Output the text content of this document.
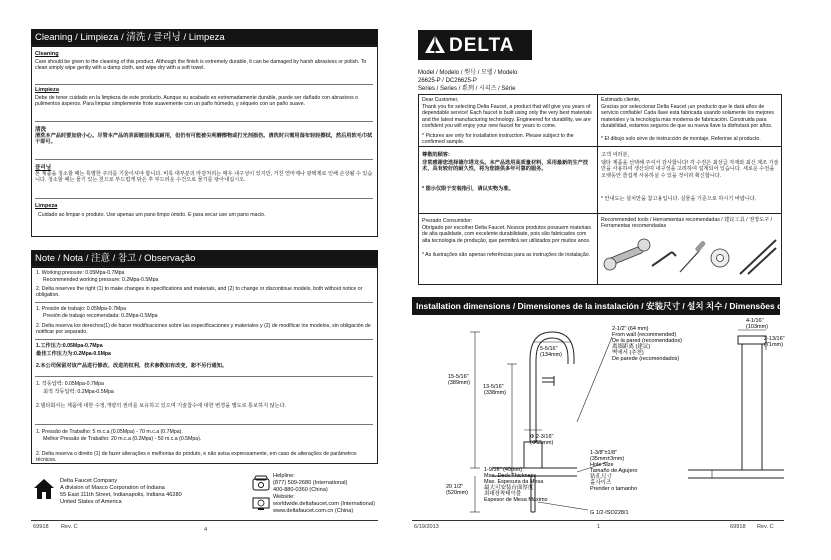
Cleaning / Limpieza / 清洗 / 클리닝 / Limpeza
Cleaning
Care should be given to the cleaning of this product. Although the finish is extremely durable, it can be damaged by harsh abrasives or polish. To clean simply wipe gently with a damp cloth, and wipe dry with a soft towel.
Limpieza
Debe de tener cuidado en la limpieza de este producto. Aunque su acabado es extremadamente durable, puede ser dañado con abrasivos o pulimentos ásperos. Para limpiar simplemente frote suavemente con un paño húmedo, y séquelo con un paño suave.
清洗
清洗本产品时要加倍小心。尽管本产品的表面镀层极其耐用，但仍有可能被尖利磨擦物或打光剂损伤。清洗时只需用湿布轻轻擦拭，然后用软毛巾拭干即可。
클리닝
본 제품을 청소할 때는 특별한 주의를 기울이셔야 합니다. 비록 대부분의 마감처리는 매우 내구성이 있지만, 거친 연마제나 광택제로 인해 손상될 수 있습니다. 청소할 때는 물기 있는 천으로 부드럽게 닦은 후 부드러운 수건으로 물기를 닦아내십시오.
Limpeza
Cuidado ao limpar o produto. Use apenas um pano limpo úmido. E para secar use um pano macio.
Note / Nota / 注意 / 참고 / Observação
1. Working pressure: 0.05Mpa-0.7Mpa
Recommended working pressure: 0.2Mpa-0.5Mpa
2. Delta reserves the right (1) to make changes in specifications and materials, and (2) to change or discontinue models, both without notice or obligation.
1. Presión de trabajo: 0.05Mpa-0.7Mpa
Presión de trabajo recomendada: 0.2Mpa-0.5Mpa
2. Delta reserva los derechos(1) de hacer modificaciones sobre las especificaciones y materiales y (2) de modificar los modelos, sin obligación de notificar por separado.
1.工作压力:0.05Mpa-0.7Mpa
最佳工作压力为:0.2Mpa-0.5Mpa
2.本公司保留对该产品进行修改、改进的权利，技术参数如有改变，恕不另行通知。
1. 작동압력: 0.05Mpa-0.7Mpa
최적 작동압력: 0.2Mpa-0.5Mpa
2.델타회사는 제품에 대한 수정,개량의 권리를 보유하고 있으며 기술참수에 대한 변경을 별도로 통보하지 않는다.
1. Pressão de Trabalho: 5 m.c.a (0.05Mpa) - 70 m.c.a (0.7Mpa).
Melhor Pressão de Trabalho: 20 m.c.a (0.2Mpa) - 50 m.c.a (0.5Mpa).
2. Delta reserva o direito (1) de fazer alterações e melhorias do produto, e não avisa expressamente, em caso de alterações de parâmetros técnicos.
Delta Faucet Company
A division of Masco Corporation of Indiana
55 East 111th Street, Indianapolis, Indiana 46280
United States of America
Helpline:
(877) 509-2680 (International)
400-880-0360 (China)
Website:
worldwide.deltafaucet.com (International)
www.deltafaucet.com.cn (China)
69918 Rev. C	4
DELTA
Model / Modelo / 型号 / 모델 / Modelo
26625-P / DC26625-P
Series / Series / 系列 / 시리즈 / Série
Dear Customer,
Thank you for selecting Delta Faucet, a product that will give you years of dependable service! Each faucet is built using only the very best materials and the latest manufacturing technology. Engineered for durability, we are confident you will enjoy your new faucet for years to come.
* Pictures are only for installation instruction. Please subject to the confirmed sample.
Estimado cliente,
Gracias por seleccionar Delta Faucet ¡un producto que le dará años de servicio confiable! Cada llave está fabricada usando solamente los mejores materiales y la tecnología más moderna de fabricación. Construida para durabilidad, estamos seguros de que su nueva llave la disfrutará por años.
* El dibujo solo sirve de instrucción de montaje. Referirse al producto.
尊敬的顾客:
非常感谢您选择德尔塔龙头。本产品选用高质量材料，采用最新的生产技术，具有较好的耐久性，将为您提供多年可靠的服务。
* 图示仅限于安装指引，请以实物为准。
고객 여러분,
델타 제품을 선택해 주셔서 감사합니다! 각 수전은 최상급 자재와 최신 제조 기술만을 사용하여 생산되며 내구성을 고려하여 설계되어 있습니다. 새로운 수전을 오랫동안 즐겁게 사용하실 수 있을 것이라 확신합니다.
* 안내도는 설치만을 참고용입니다. 실물을 기준으로 하시기 바랍니다.
Prezado Consumidor:
Obrigado por escolher Delta Faucet. Nossos produtos possuem materiais de alta qualidade, com excelente durabilidade, pois são fabricados com alta tecnologia de produção, que permitirá ser utilizados por muitos anos.
* As ilustrações são apenas referências para as instruções de instalação.
Recommended tools / Herramientas recomendadas / 建议工具 / 권장도구 / Ferramentas recomendadas
Installation dimensions / Dimensiones de la instalación / 安装尺寸 / 설치 치수 / Dimensões de instalação
5-5/16"
(134mm)
15-5/16"
(389mm)
13-5/16"
(338mm)
Φ 2-3/16"
(Φ55mm)
2-1/2" (64 mm)
From wall (recommended)
De la pared (recomendados)
离墙距离 (建议)
벽에서 (추천)
De parede (recomendados)
4-1/16"
(103mm)
2-13/16"
(71mm)
1-3/8"±1/8"
(35mm±3mm)
Hole Size
Tamaño de Agujero
钻孔尺寸
홀사이즈
Prender o tamanho
1-9/16" (40mm)
Max. Deck Thickness
Max. Espesura da Mesa
最大可安装台面厚度
최대장착테이블
Espesor de Mesa Máximo
20 1/2"
(520mm)
G 1/2-ISO228/1
6/19/2013	1	69918 Rev. C
